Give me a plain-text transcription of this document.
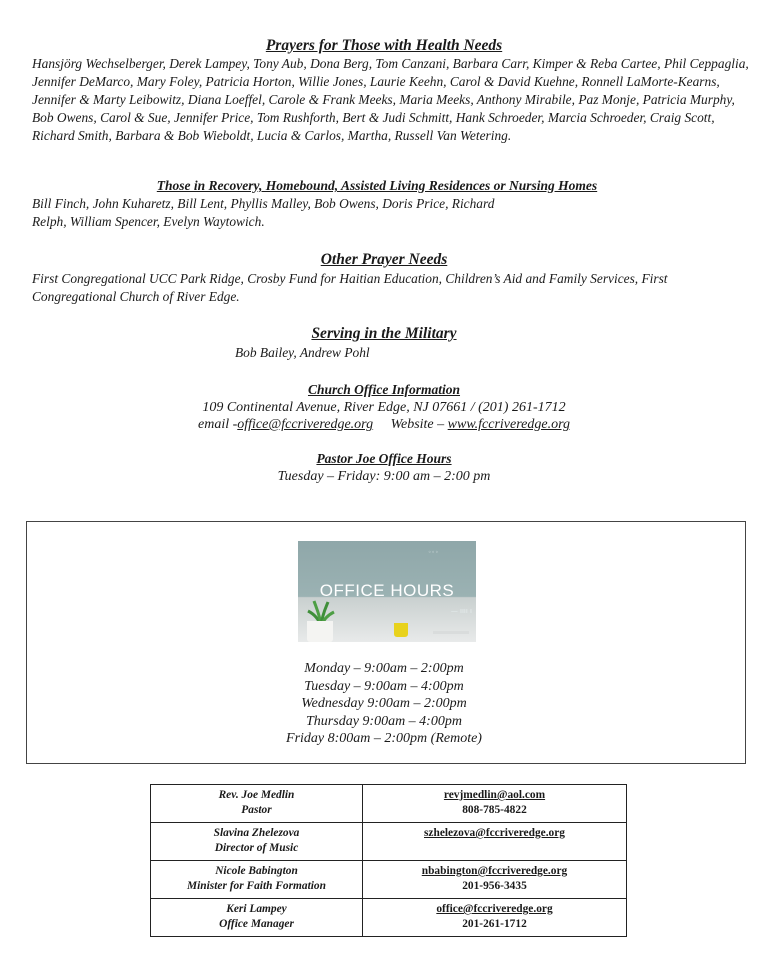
Prayers for Those with Health Needs

Hansjörg Wechselberger, Derek Lampey, Tony Aub, Dona Berg, Tom Canzani, Barbara Carr, Kimper & Reba Cartee, Phil Ceppaglia, Jennifer DeMarco, Mary Foley, Patricia Horton, Willie Jones, Laurie Keehn, Carol & David Kuehne, Ronnell LaMorte-Kearns, Jennifer & Marty Leibowitz, Diana Loeffel, Carole & Frank Meeks, Maria Meeks, Anthony Mirabile, Paz Monje, Patricia Murphy, Bob Owens, Carol & Sue, Jennifer Price, Tom Rushforth, Bert & Judi Schmitt, Hank Schroeder, Marcia Schroeder, Craig Scott, Richard Smith, Barbara & Bob Wieboldt, Lucia & Carlos, Martha, Russell Van Wetering.

Those in Recovery, Homebound, Assisted Living Residences or Nursing Homes

Bill Finch, John Kuharetz, Bill Lent, Phyllis Malley, Bob Owens, Doris Price, Richard Relph, William Spencer, Evelyn Waytowich.

Other Prayer Needs

First Congregational UCC Park Ridge, Crosby Fund for Haitian Education, Children’s Aid and Family Services, First Congregational Church of River Edge.

Serving in the Military

Bob Bailey, Andrew Pohl

Church Office Information

109 Continental Avenue, River Edge, NJ 07661 / (201) 261-1712

email -office@fccriveredge.org Website – www.fccriveredge.org

Pastor Joe Office Hours

Tuesday – Friday: 9:00 am – 2:00 pm

◦◦◦
OFFICE HOURS
— ıııı ı

Monday – 9:00am – 2:00pm

Tuesday – 9:00am – 4:00pm

Wednesday 9:00am – 2:00pm

Thursday 9:00am – 4:00pm

Friday 8:00am – 2:00pm (Remote)

Rev. Joe Medlin
Pastor	revjmedlin@aol.com
808-785-4822

Slavina Zhelezova
Director of Music	szhelezova@fccriveredge.org

Nicole Babington
Minister for Faith Formation	nbabington@fccriveredge.org
201-956-3435

Keri Lampey
Office Manager	office@fccriveredge.org
201-261-1712
